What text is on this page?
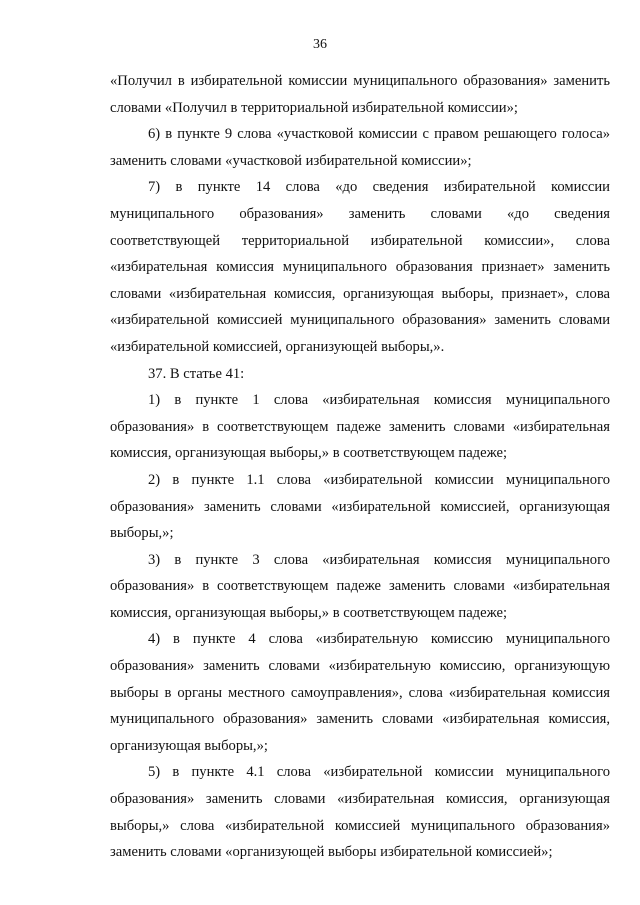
36

«Получил в избирательной комиссии муниципального образования» заменить словами «Получил в территориальной избирательной комиссии»;

6) в пункте 9 слова «участковой комиссии с правом решающего голоса» заменить словами «участковой избирательной комиссии»;

7) в пункте 14 слова «до сведения избирательной комиссии муниципального образования» заменить словами «до сведения соответствующей территориальной избирательной комиссии», слова «избирательная комиссия муниципального образования признает» заменить словами «избирательная комиссия, организующая выборы, признает», слова «избирательной комиссией муниципального образования» заменить словами «избирательной комиссией, организующей выборы,».

37. В статье 41:

1) в пункте 1 слова «избирательная комиссия муниципального образования» в соответствующем падеже заменить словами «избирательная комиссия, организующая выборы,» в соответствующем падеже;

2) в пункте 1.1 слова «избирательной комиссии муниципального образования» заменить словами «избирательной комиссией, организующая выборы,»;

3) в пункте 3 слова «избирательная комиссия муниципального образования» в соответствующем падеже заменить словами «избирательная комиссия, организующая выборы,» в соответствующем падеже;

4) в пункте 4 слова «избирательную комиссию муниципального образования» заменить словами «избирательную комиссию, организующую выборы в органы местного самоуправления», слова «избирательная комиссия муниципального образования» заменить словами «избирательная комиссия, организующая выборы,»;

5) в пункте 4.1 слова «избирательной комиссии муниципального образования» заменить словами «избирательная комиссия, организующая выборы,» слова «избирательной комиссией муниципального образования» заменить словами «организующей выборы избирательной комиссией»;
